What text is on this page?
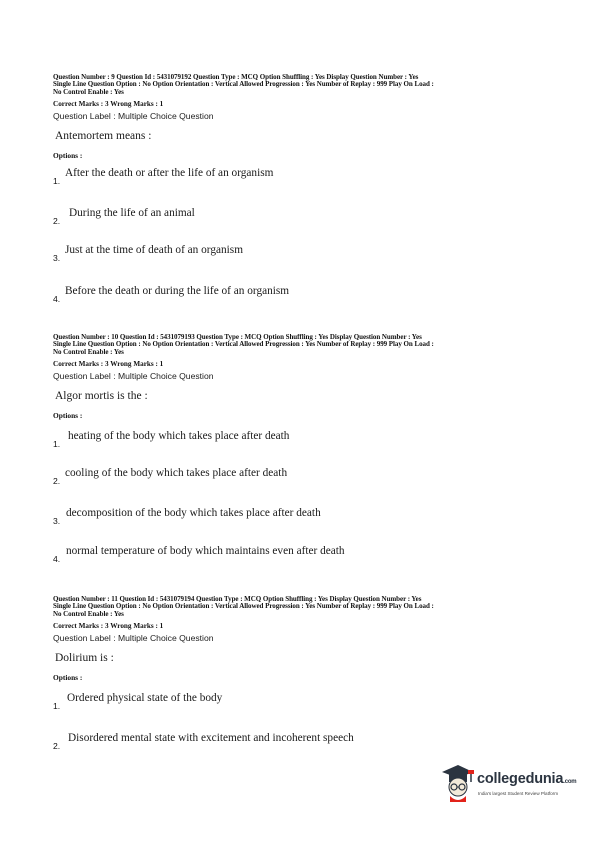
Question Number : 9 Question Id : 5431079192 Question Type : MCQ Option Shuffling : Yes Display Question Number : Yes
Single Line Question Option : No Option Orientation : Vertical Allowed Progression : Yes Number of Replay : 999 Play On Load :
No Control Enable : Yes
Correct Marks : 3 Wrong Marks : 1
Question Label : Multiple Choice Question
Antemortem means :
Options :
1.
After the death or after the life of an organism
2.
During the life of an animal
3.
Just at the time of death of an organism
4.
Before the death or during the life of an organism
Question Number : 10 Question Id : 5431079193 Question Type : MCQ Option Shuffling : Yes Display Question Number : Yes
Single Line Question Option : No Option Orientation : Vertical Allowed Progression : Yes Number of Replay : 999 Play On Load :
No Control Enable : Yes
Correct Marks : 3 Wrong Marks : 1
Question Label : Multiple Choice Question
Algor mortis is the :
Options :
1.
heating of the body which takes place after death
2.
cooling of the body which takes place after death
3.
decomposition of the body which takes place after death
4.
normal temperature of body which maintains even after death
Question Number : 11 Question Id : 5431079194 Question Type : MCQ Option Shuffling : Yes Display Question Number : Yes
Single Line Question Option : No Option Orientation : Vertical Allowed Progression : Yes Number of Replay : 999 Play On Load :
No Control Enable : Yes
Correct Marks : 3 Wrong Marks : 1
Question Label : Multiple Choice Question
Dolirium is :
Options :
1.
Ordered physical state of the body
2.
Disordered mental state with excitement and incoherent speech
collegedunia.com
India's largest Student Review Platform
